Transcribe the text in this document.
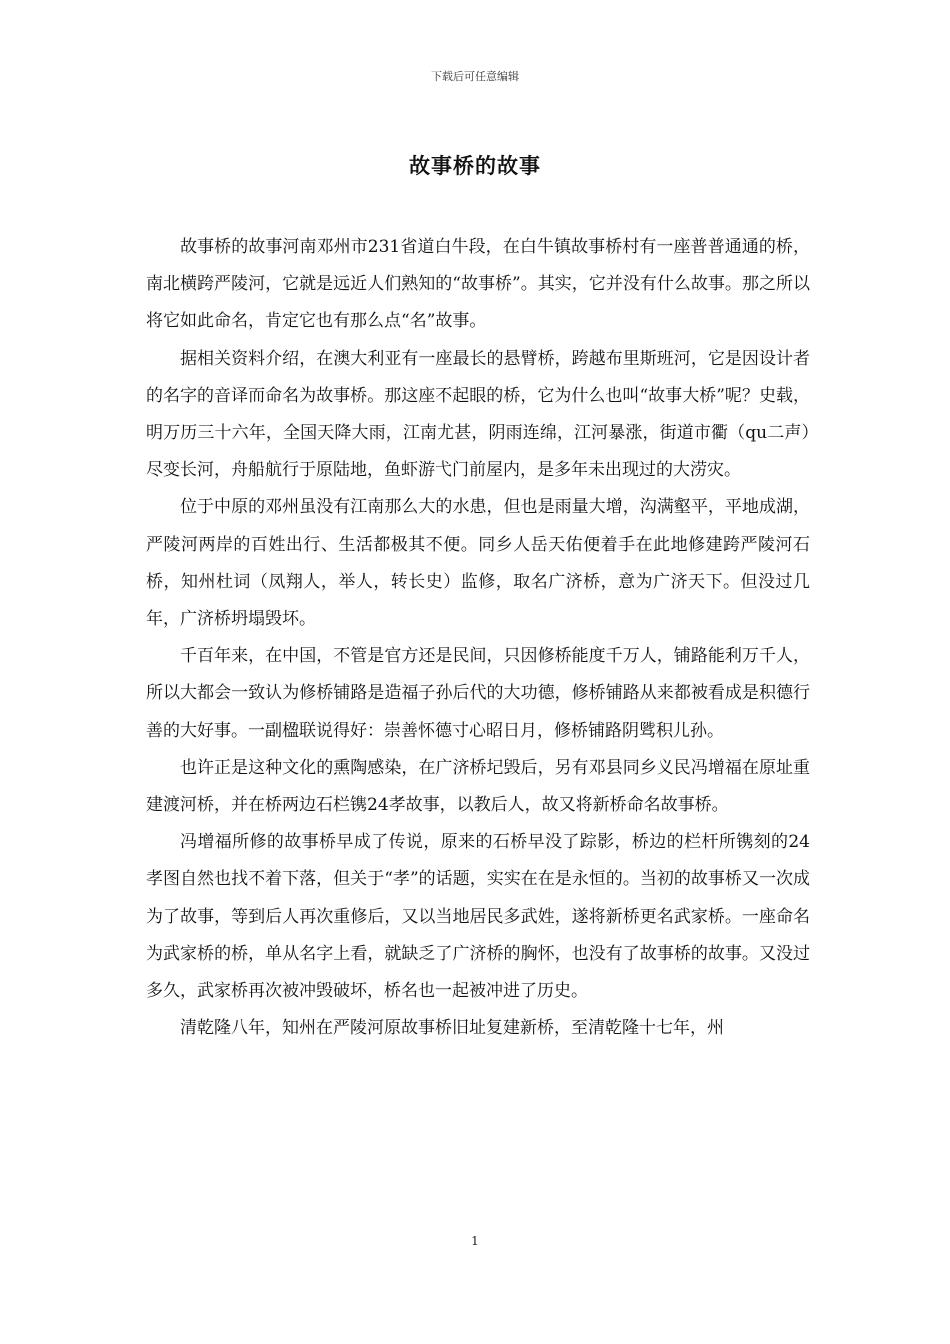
下载后可任意编辑
故事桥的故事

故事桥的故事河南邓州市231省道白牛段，在白牛镇故事桥村有一座普普通通的桥，南北横跨严陵河，它就是远近人们熟知的“故事桥”。其实，它并没有什么故事。那之所以将它如此命名，肯定它也有那么点“名”故事。

据相关资料介绍，在澳大利亚有一座最长的悬臂桥，跨越布里斯班河，它是因设计者的名字的音译而命名为故事桥。那这座不起眼的桥，它为什么也叫“故事大桥”呢？史载，明万历三十六年，全国天降大雨，江南尤甚，阴雨连绵，江河暴涨，街道市衢（qu二声）尽变长河，舟船航行于原陆地，鱼虾游弋门前屋内，是多年未出现过的大涝灾。

位于中原的邓州虽没有江南那么大的水患，但也是雨量大增，沟满壑平，平地成湖，严陵河两岸的百姓出行、生活都极其不便。同乡人岳天佑便着手在此地修建跨严陵河石桥，知州杜词（凤翔人，举人，转长史）监修，取名广济桥，意为广济天下。但没过几年，广济桥坍塌毁坏。

千百年来，在中国，不管是官方还是民间，只因修桥能度千万人，铺路能利万千人，所以大都会一致认为修桥铺路是造福子孙后代的大功德，修桥铺路从来都被看成是积德行善的大好事。一副楹联说得好：崇善怀德寸心昭日月，修桥铺路阴骘积儿孙。

也许正是这种文化的熏陶感染，在广济桥圮毁后，另有邓县同乡义民冯增福在原址重建渡河桥，并在桥两边石栏镌24孝故事，以教后人，故又将新桥命名故事桥。

冯增福所修的故事桥早成了传说，原来的石桥早没了踪影，桥边的栏杆所镌刻的24孝图自然也找不着下落，但关于“孝”的话题，实实在在是永恒的。当初的故事桥又一次成为了故事，等到后人再次重修后，又以当地居民多武姓，遂将新桥更名武家桥。一座命名为武家桥的桥，单从名字上看，就缺乏了广济桥的胸怀，也没有了故事桥的故事。又没过多久，武家桥再次被冲毁破坏，桥名也一起被冲进了历史。

清乾隆八年，知州在严陵河原故事桥旧址复建新桥，至清乾隆十七年，州

1
